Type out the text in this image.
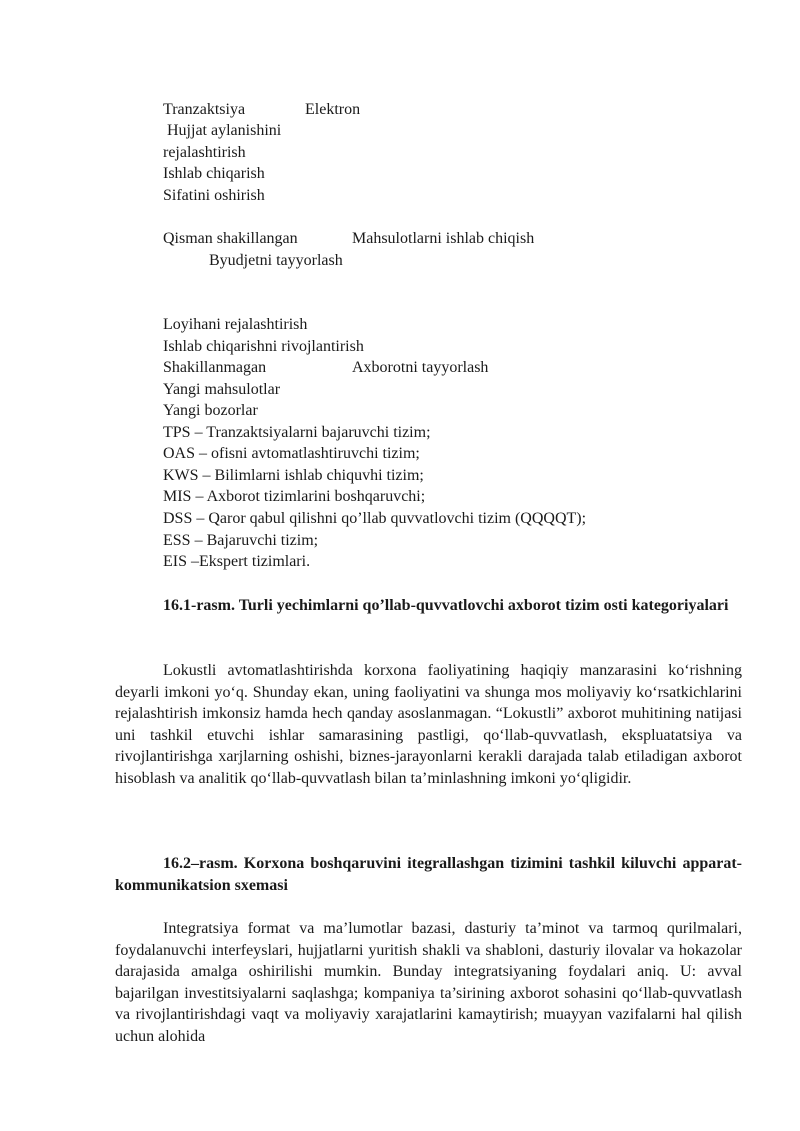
Tranzaktsiya	Elektron

Hujjat aylanishini

rejalashtirish

Ishlab chiqarish

Sifatini oshirish

Qisman shakillangan	Mahsulotlarni ishlab chiqish

Byudjetni tayyorlash

Loyihani rejalashtirish

Ishlab chiqarishni rivojlantirish

Shakillanmagan	Axborotni tayyorlash

Yangi mahsulotlar

Yangi bozorlar

TPS – Tranzaktsiyalarni bajaruvchi tizim;

OAS – ofisni avtomatlashtiruvchi tizim;

KWS – Bilimlarni ishlab chiquvhi tizim;

MIS – Axborot tizimlarini boshqaruvchi;

DSS – Qaror qabul qilishni qo’llab quvvatlovchi tizim (QQQQT);

ESS – Bajaruvchi tizim;

EIS –Ekspert tizimlari.

16.1-rasm. Turli yechimlarni qo’llab-quvvatlovchi axborot tizim osti kategoriyalari

Lokustli avtomatlashtirishda korxona faoliyatining haqiqiy manzarasini koʻrishning deyarli imkoni yoʻq. Shunday ekan, uning faoliyatini va shunga mos moliyaviy koʻrsatkichlarini rejalashtirish imkonsiz hamda hech qanday asoslanmagan. “Lokustli” axborot muhitining natijasi uni tashkil etuvchi ishlar samarasining pastligi, qoʻllab-quvvatlash, ekspluatatsiya va rivojlantirishga xarjlarning oshishi, biznes-jarayonlarni kerakli darajada talab etiladigan axborot hisoblash va analitik qoʻllab-quvvatlash bilan ta’minlashning imkoni yoʻqligidir.

16.2–rasm. Korxona boshqaruvini itegrallashgan tizimini tashkil kiluvchi apparat-kommunikatsion sxemasi

Integratsiya format va ma’lumotlar bazasi, dasturiy ta’minot va tarmoq qurilmalari, foydalanuvchi interfeyslari, hujjatlarni yuritish shakli va shabloni, dasturiy ilovalar va hokazolar darajasida amalga oshirilishi mumkin. Bunday integratsiyaning foydalari aniq. U: avval bajarilgan investitsiyalarni saqlashga; kompaniya ta’sirining axborot sohasini qoʻllab-quvvatlash va rivojlantirishdagi vaqt va moliyaviy xarajatlarini kamaytirish; muayyan vazifalarni hal qilish uchun alohida
